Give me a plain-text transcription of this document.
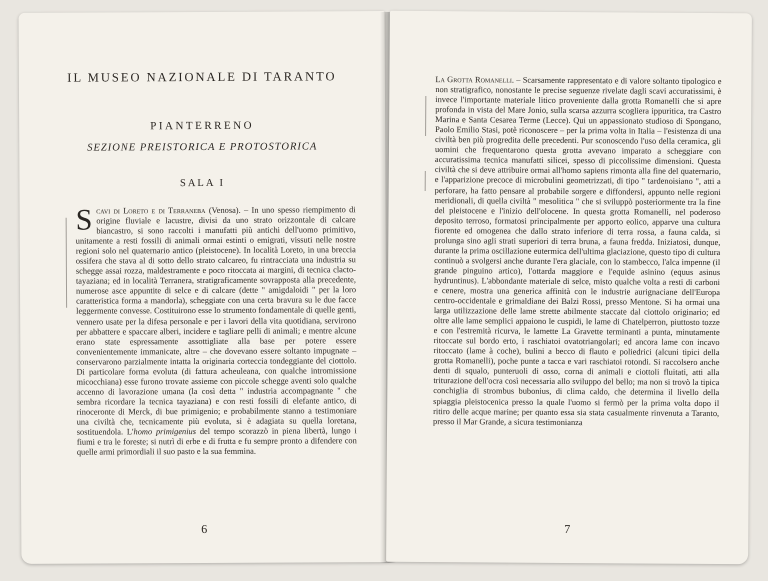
IL MUSEO NAZIONALE DI TARANTO
PIANTERRENO
SEZIONE PREISTORICA E PROTOSTORICA
SALA I
Scavi di Loreto e di Terraneba (Venosa). – In uno spesso riempimento di origine fluviale e lacustre, divisi da uno strato orizzontale di calcare biancastro, si sono raccolti i manufatti più antichi dell'uomo primitivo, unitamente a resti fossili di animali ormai estinti o emigrati, vissuti nelle nostre regioni solo nel quaternario antico (pleistocene). In località Loreto, in una breccia ossifera che stava al di sotto dello strato calcareo, fu rintracciata una industria su schegge assai rozza, maldestramente e poco ritoccata ai margini, di tecnica clacto-tayaziana; ed in località Terranera, stratigraficamente sovrapposta alla precedente, numerose asce appuntite di selce e di calcare (dette " amigdaloidi " per la loro caratteristica forma a mandorla), scheggiate con una certa bravura su le due facce leggermente convesse. Costituirono esse lo strumento fondamentale di quelle genti, vennero usate per la difesa personale e per i lavori della vita quotidiana, servirono per abbattere e spaccare alberi, incidere e tagliare pelli di animali; e mentre alcune erano state espressamente assottigliate alla base per potere essere convenientemente immanicate, altre – che dovevano essere soltanto impugnate – conservarono parzialmente intatta la originaria corteccia tondeggiante del ciottolo. Di particolare forma evoluta (di fattura acheuleana, con qualche intromissione micocchiana) esse furono trovate assieme con piccole schegge aventi solo qualche accenno di lavorazione umana (la così detta " industria accompagnante " che sembra ricordare la tecnica tayaziana) e con resti fossili di elefante antico, di rinoceronte di Merck, di bue primigenio; e probabilmente stanno a testimoniare una civiltà che, tecnicamente più evoluta, si è adagiata su quella loretana, sostituendola. L'homo primigenius del tempo scorazzò in piena libertà, lungo i fiumi e tra le foreste; si nutrì di erbe e di frutta e fu sempre pronto a difendere con quelle armi primordiali il suo pasto e la sua femmina.
6
La Grotta Romanelli. – Scarsamente rappresentato e di valore soltanto tipologico e non stratigrafico, nonostante le precise seguenze rivelate dagli scavi accuratissimi, è invece l'importante materiale litico proveniente dalla grotta Romanelli che si apre profonda in vista del Mare Jonio, sulla scarsa azzurra scogliera ippuritica, tra Castro Marina e Santa Cesarea Terme (Lecce). Qui un appassionato studioso di Spongano, Paolo Emilio Stasi, potè riconoscere – per la prima volta in Italia – l'esistenza di una civiltà ben più progredita delle precedenti. Pur sconoscendo l'uso della ceramica, gli uomini che frequentarono questa grotta avevano imparato a scheggiare con accuratissima tecnica manufatti silicei, spesso di piccolissime dimensioni. Questa civiltà che si deve attribuire ormai all'homo sapiens rimonta alla fine del quaternario, e l'apparizione precoce di microbulini geometrizzati, di tipo " tardenoisiano ", atti a perforare, ha fatto pensare al probabile sorgere e diffondersi, appunto nelle regioni meridionali, di quella civiltà " mesolitica " che si sviluppò posteriormente tra la fine del pleistocene e l'inizio dell'olocene. In questa grotta Romanelli, nel poderoso deposito terroso, formatosi principalmente per apporto eolico, apparve una cultura fiorente ed omogenea che dallo strato inferiore di terra rossa, a fauna calda, si prolunga sino agli strati superiori di terra bruna, a fauna fredda. Iniziatosi, dunque, durante la prima oscillazione eutermica dell'ultima glaciazione, questo tipo di cultura continuò a svolgersi anche durante l'era glaciale, con lo stambecco, l'alca impenne (il grande pinguino artico), l'ottarda maggiore e l'equide asinino (equus asinus hydruntinus). L'abbondante materiale di selce, misto qualche volta a resti di carboni e cenere, mostra una generica affinità con le industrie aurignaciane dell'Europa centro-occidentale e grimaldiane dei Balzi Rossi, presso Mentone. Si ha ormai una larga utilizzazione delle lame strette abilmente staccate dal ciottolo originario; ed oltre alle lame semplici appaiono le cuspidi, le lame di Chatelperron, piuttosto tozze e con l'estremità ricurva, le lamette La Gravette terminanti a punta, minutamente ritoccate sul bordo erto, i raschiatoi ovatotriangolari; ed ancora lame con incavo ritoccato (lame à coche), bulini a becco di flauto e poliedrici (alcuni tipici della grotta Romanelli), poche punte a tacca e vari raschiatoi rotondi. Si raccolsero anche denti di squalo, punteruoli di osso, corna di animali e ciottoli fluitati, atti alla triturazione dell'ocra così necessaria allo sviluppo del bello; ma non si trovò la tipica conchiglia di strombus bubonius, di clima caldo, che determina il livello della spiaggia pleistocenica presso la quale l'uomo si fermò per la prima volta dopo il ritiro delle acque marine; per quanto essa sia stata casualmente rinvenuta a Taranto, presso il Mar Grande, a sicura testimonianza
7
